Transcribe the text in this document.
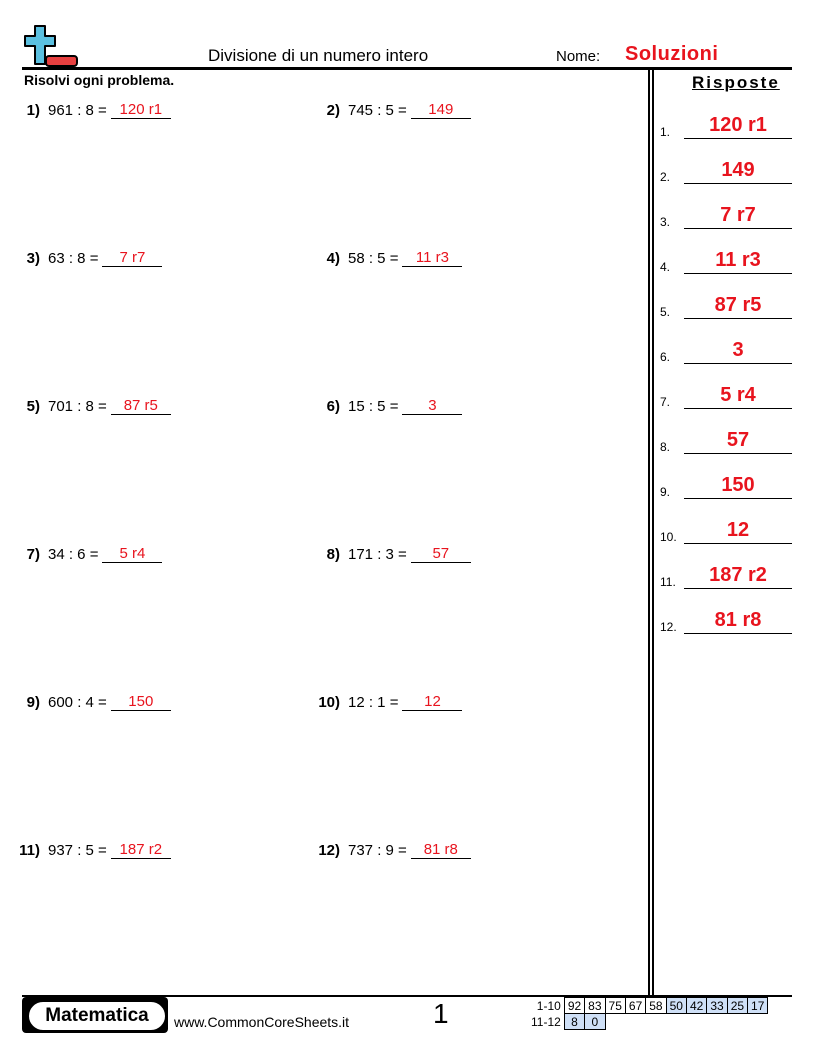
Divisione di un numero intero	Nome: Soluzioni
Risolvi ogni problema.	Risposte
1) 961 : 8 = 120 r1	2) 745 : 5 =	149
3) 63 : 8 =	7 r7	4) 58 : 5 =	11 r3
5) 701 : 8 =	87 r5	6) 15 : 5 =	3
7) 34 : 6 =	5 r4	8) 171 : 3 =	57
9) 600 : 4 =	150	10) 12 : 1 =	12
11) 937 : 5 = 187 r2	12) 737 : 9 =	81 r8
1.	120 r1
2.	149
3.	7 r7
4.	11 r3
5.	87 r5
6.	3
7.	5 r4
8.	57
9.	150
10.	12
11.	187 r2
12.	81 r8
Matematica	www.CommonCoreSheets.it	1	1-10	92	83	75	67	58	50	42	33	25	17
11-12	8	0								
